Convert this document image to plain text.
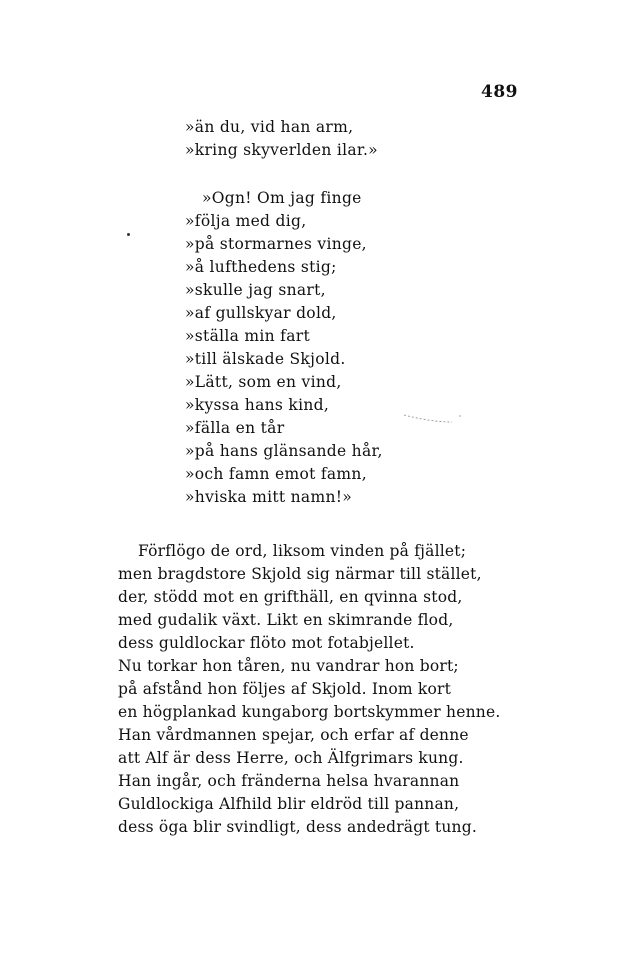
489
»än du, vid han arm,
»kring skyverlden ilar.»
»Ogn! Om jag finge
»följa med dig,
»på stormarnes vinge,
»å lufthedens stig;
»skulle jag snart,
»af gullskyar dold,
»ställa min fart
»till älskade Skjold.
»Lätt, som en vind,
»kyssa hans kind,
»fälla en tår
»på hans glänsande hår,
»och famn emot famn,
»hviska mitt namn!»
Förflögo de ord, liksom vinden på fjället;
men bragdstore Skjold sig närmar till stället,
der, stödd mot en grifthäll, en qvinna stod,
med gudalik växt. Likt en skimrande flod,
dess guldlockar flöto mot fotabjellet.
Nu torkar hon tåren, nu vandrar hon bort;
på afstånd hon följes af Skjold. Inom kort
en högplankad kungaborg bortskymmer henne.
Han vårdmannen spejar, och erfar af denne
att Alf är dess Herre, och Älfgrimars kung.
Han ingår, och fränderna helsa hvarannan
Guldlockiga Alfhild blir eldröd till pannan,
dess öga blir svindligt, dess andedrägt tung.
